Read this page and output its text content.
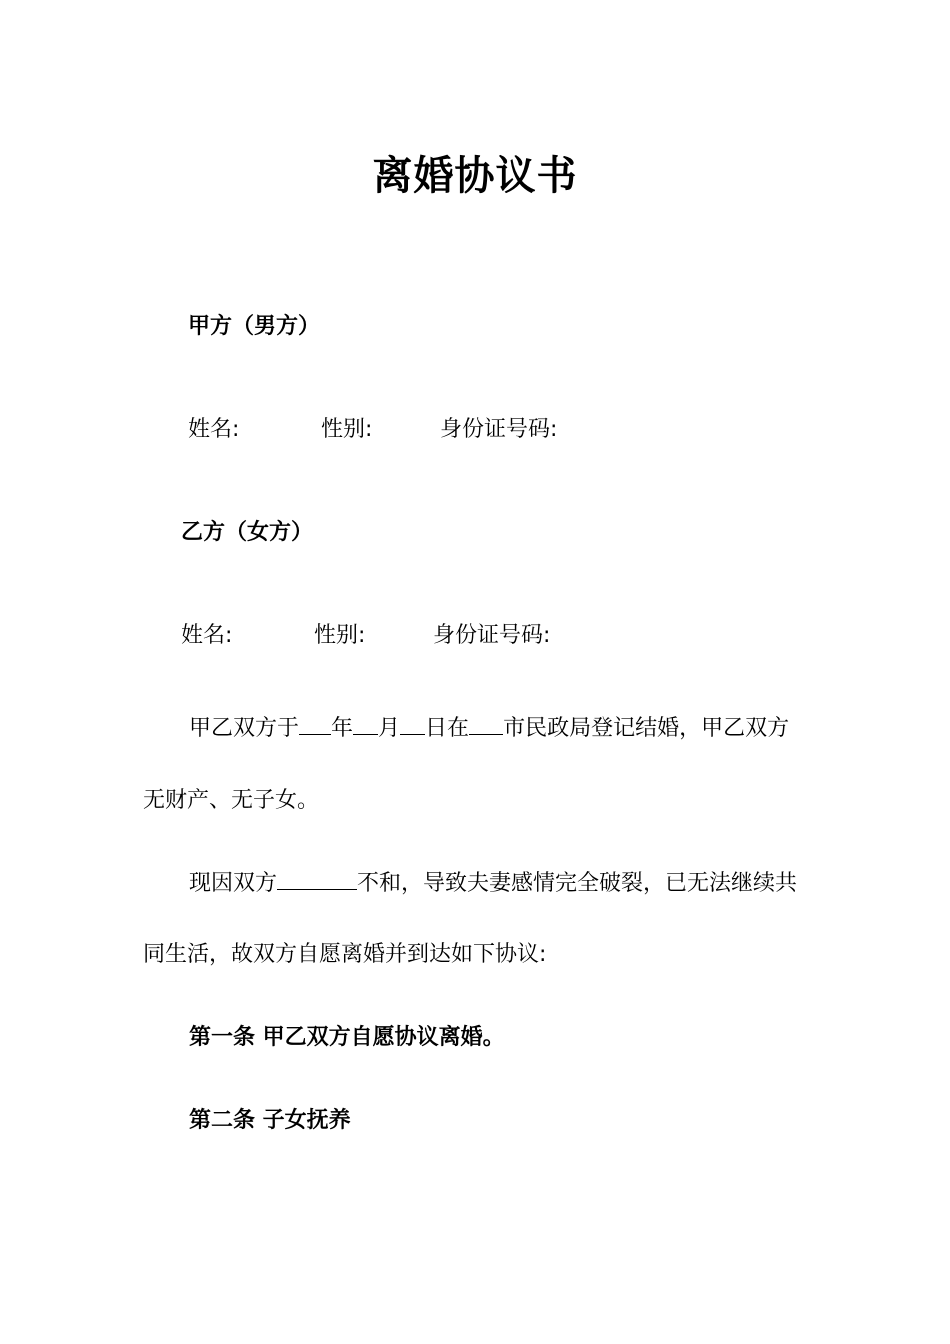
离婚协议书
甲方（男方）
姓名:	性别:	身份证号码:
乙方（女方）
姓名:	性别:	身份证号码:
甲乙双方于 年 月 日在 市民政局登记结婚，甲乙双方
无财产、无子女。
现因双方	不和，导致夫妻感情完全破裂，已无法继续共
同生活，故双方自愿离婚并到达如下协议:
第一条 甲乙双方自愿协议离婚。
第二条 子女抚养
